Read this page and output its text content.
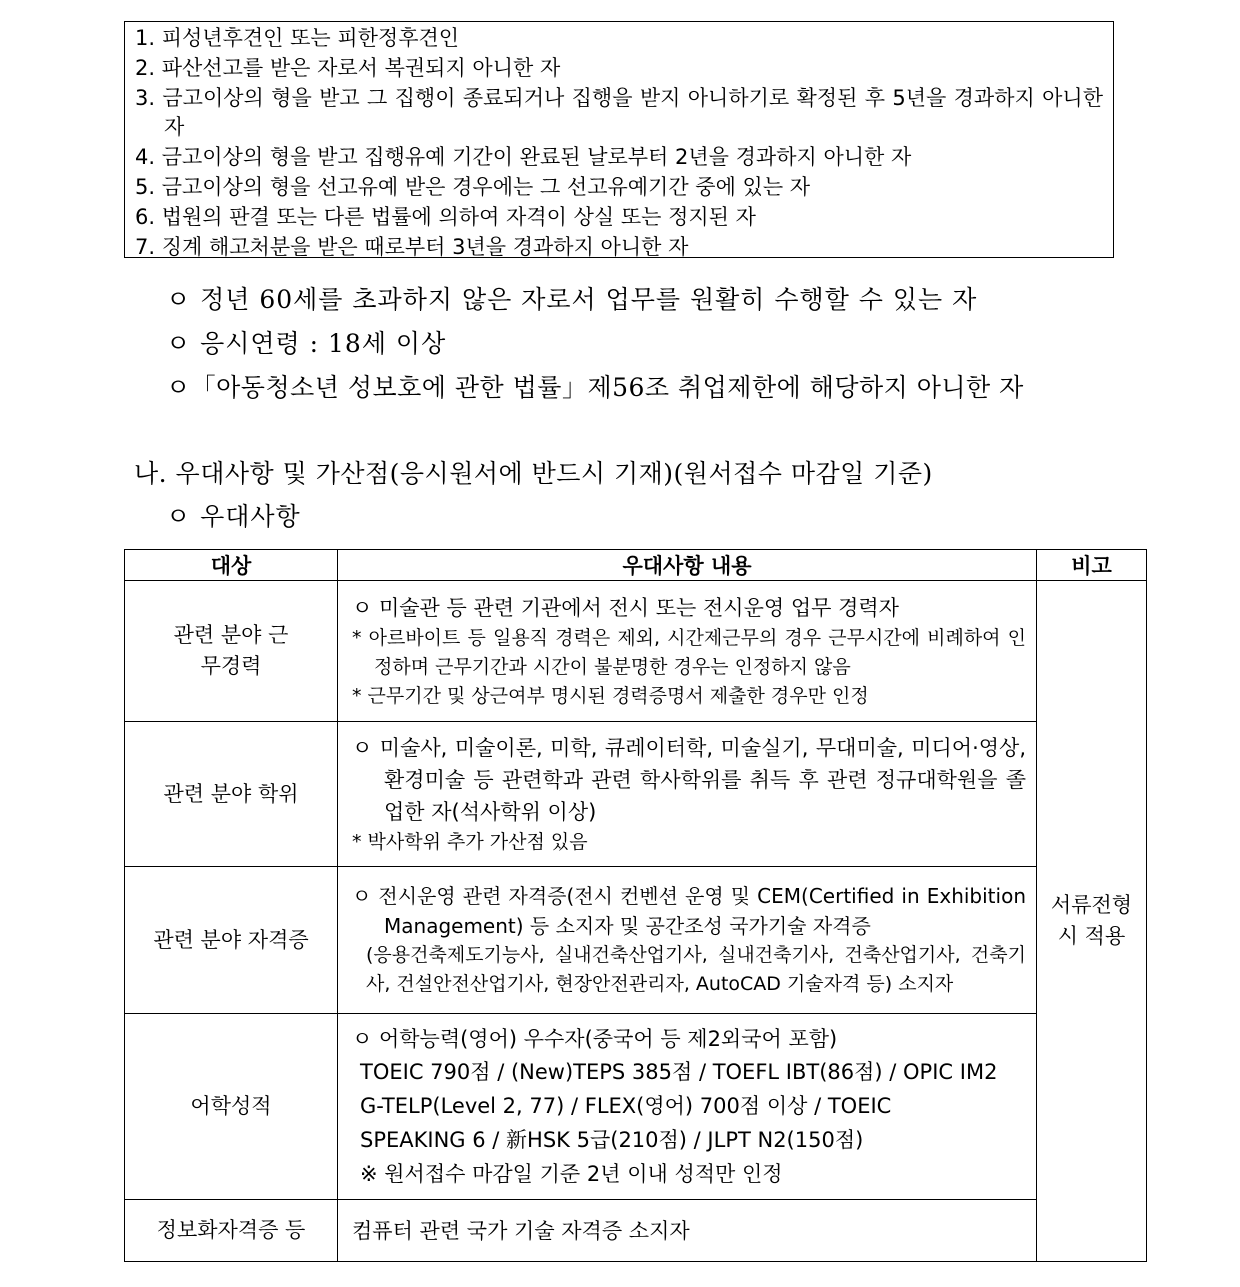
1. 피성년후견인 또는 피한정후견인
2. 파산선고를 받은 자로서 복권되지 아니한 자
3. 금고이상의 형을 받고 그 집행이 종료되거나 집행을 받지 아니하기로 확정된 후 5년을 경과하지 아니한 자
4. 금고이상의 형을 받고 집행유예 기간이 완료된 날로부터 2년을 경과하지 아니한 자
5. 금고이상의 형을 선고유예 받은 경우에는 그 선고유예기간 중에 있는 자
6. 법원의 판결 또는 다른 법률에 의하여 자격이 상실 또는 정지된 자
7. 징계 해고처분을 받은 때로부터 3년을 경과하지 아니한 자
ㅇ 정년 60세를 초과하지 않은 자로서 업무를 원활히 수행할 수 있는 자
ㅇ 응시연령 : 18세 이상
ㅇ「아동청소년 성보호에 관한 법률」제56조 취업제한에 해당하지 아니한 자
나. 우대사항 및 가산점(응시원서에 반드시 기재)(원서접수 마감일 기준)
ㅇ 우대사항
대상	우대사항 내용	비고

관련 분야 근무경력	ㅇ 미술관 등 관련 기관에서 전시 또는 전시운영 업무 경력자
* 아르바이트 등 일용직 경력은 제외, 시간제근무의 경우 근무시간에 비례하여 인정하며 근무기간과 시간이 불분명한 경우는 인정하지 않음
* 근무기간 및 상근여부 명시된 경력증명서 제출한 경우만 인정	서류전형 시 적용

관련 분야 학위	ㅇ 미술사, 미술이론, 미학, 큐레이터학, 미술실기, 무대미술, 미디어·영상, 환경미술 등 관련학과 관련 학사학위를 취득 후 관련 정규대학원을 졸업한 자(석사학위 이상)
* 박사학위 추가 가산점 있음	

관련 분야 자격증	ㅇ 전시운영 관련 자격증(전시 컨벤션 운영 및 CEM(Certified in Exhibition Management) 등 소지자 및 공간조성 국가기술 자격증
(응용건축제도기능사, 실내건축산업기사, 실내건축기사, 건축산업기사, 건축기사, 건설안전산업기사, 현장안전관리자, AutoCAD 기술자격 등) 소지자	

어학성적	ㅇ 어학능력(영어) 우수자(중국어 등 제2외국어 포함)
TOEIC 790점 / (New)TEPS 385점 / TOEFL IBT(86점) / OPIC IM2
G-TELP(Level 2, 77) / FLEX(영어) 700점 이상 / TOEIC
SPEAKING 6 / 新HSK 5급(210점) / JLPT N2(150점)
※ 원서접수 마감일 기준 2년 이내 성적만 인정	

정보화자격증 등	컴퓨터 관련 국가 기술 자격증 소지자	
